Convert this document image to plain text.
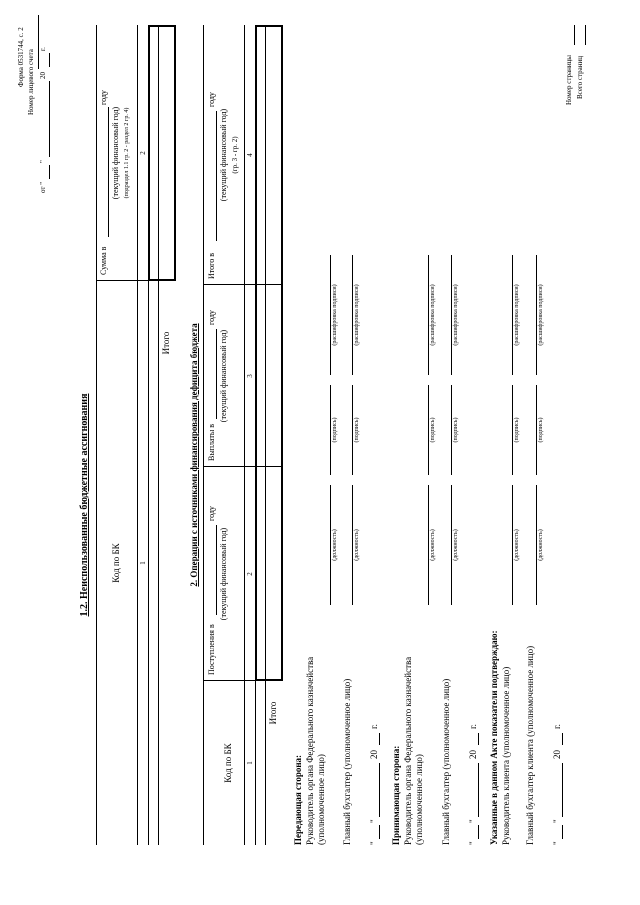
Форма 0531744, с. 2 Номер лицевого счета
от "
"
20
г.
1.2. Неиспользованные бюджетные ассигнования Код по БК
Сумма в
году
(текущий финансовый год) (подраздел 1.1 гр. 2 - раздел 2 гр. 4)
1
2
Итого 2. Операции с источниками финансирования дефицита бюджета
Код по БК
Поступления в
году
(текущий финансовый год)
Выплаты в
году
(текущий финансовый год)
Итого в
году
(текущий финансовый год) (гр. 3 - гр. 2)
1
2
3
4
Итого
Передающая сторона: Руководитель органа Федерального казначейства (уполномоченное лицо)
(должность)
(подпись)
(расшифровка подписи)
Главный бухгалтер (уполномоченное лицо)
(должность)
(подпись)
(расшифровка подписи)
"
"
20
г.
Принимающая сторона: Руководитель органа Федерального казначейства (уполномоченное лицо)
(должность)
(подпись)
(расшифровка подписи)
Главный бухгалтер (уполномоченное лицо)
(должность)
(подпись)
(расшифровка подписи)
"
"
20
г. Указанные в данном Акте показатели подтверждаю: Руководитель клиента (уполномоченное лицо)
(должность)
(подпись)
(расшифровка подписи)
Главный бухгалтер клиента (уполномоченное лицо)
(должность)
(подпись)
(расшифровка подписи)
"
"
20
г.
Номер страницы Всего страниц
